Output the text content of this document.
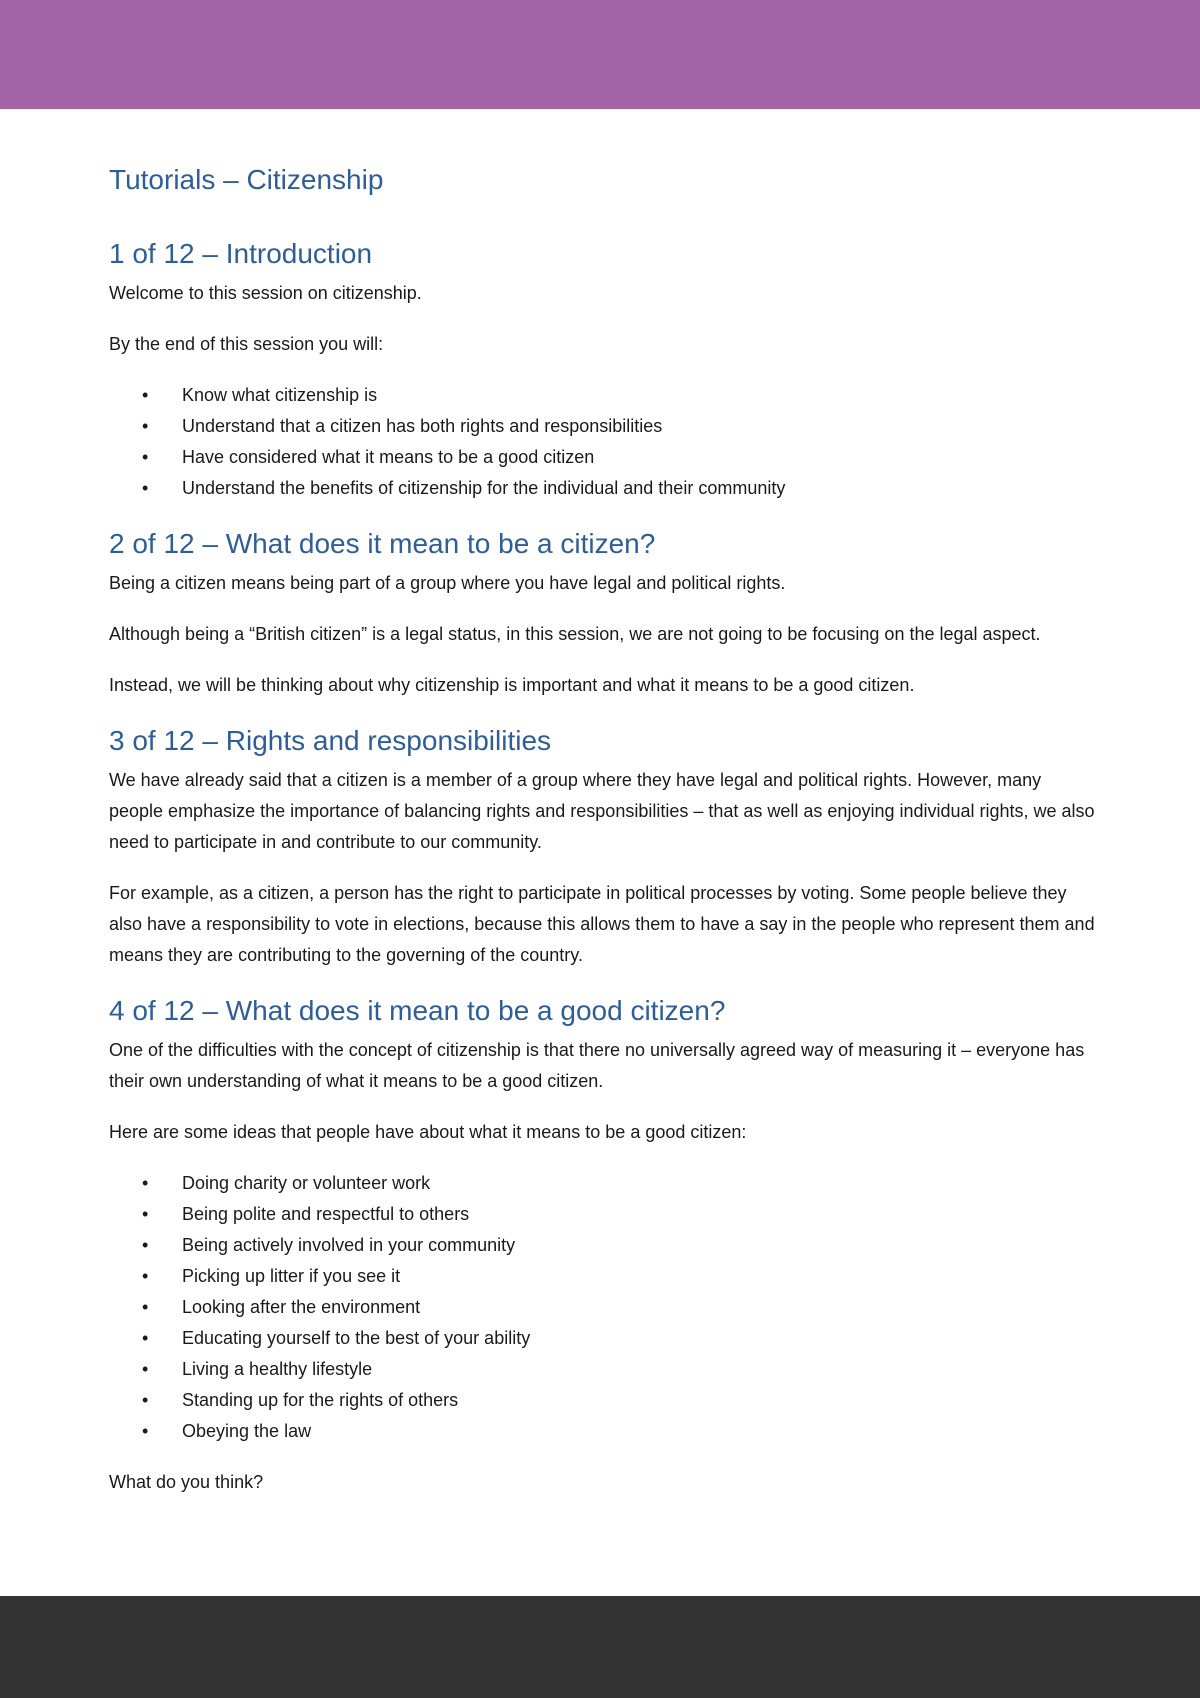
Tutorials – Citizenship
1 of 12 – Introduction

Welcome to this session on citizenship.

By the end of this session you will:

• Know what citizenship is
• Understand that a citizen has both rights and responsibilities
• Have considered what it means to be a good citizen
• Understand the benefits of citizenship for the individual and their community
2 of 12 – What does it mean to be a citizen?

Being a citizen means being part of a group where you have legal and political rights.

Although being a “British citizen” is a legal status, in this session, we are not going to be focusing on the legal aspect.

Instead, we will be thinking about why citizenship is important and what it means to be a good citizen.

3 of 12 – Rights and responsibilities

We have already said that a citizen is a member of a group where they have legal and political rights. However, many people emphasize the importance of balancing rights and responsibilities – that as well as enjoying individual rights, we also need to participate in and contribute to our community.

For example, as a citizen, a person has the right to participate in political processes by voting. Some people believe they also have a responsibility to vote in elections, because this allows them to have a say in the people who represent them and means they are contributing to the governing of the country.

4 of 12 – What does it mean to be a good citizen?

One of the difficulties with the concept of citizenship is that there no universally agreed way of measuring it – everyone has their own understanding of what it means to be a good citizen.

Here are some ideas that people have about what it means to be a good citizen:

• Doing charity or volunteer work
• Being polite and respectful to others
• Being actively involved in your community
• Picking up litter if you see it
• Looking after the environment
• Educating yourself to the best of your ability
• Living a healthy lifestyle
• Standing up for the rights of others
• Obeying the law

What do you think?
